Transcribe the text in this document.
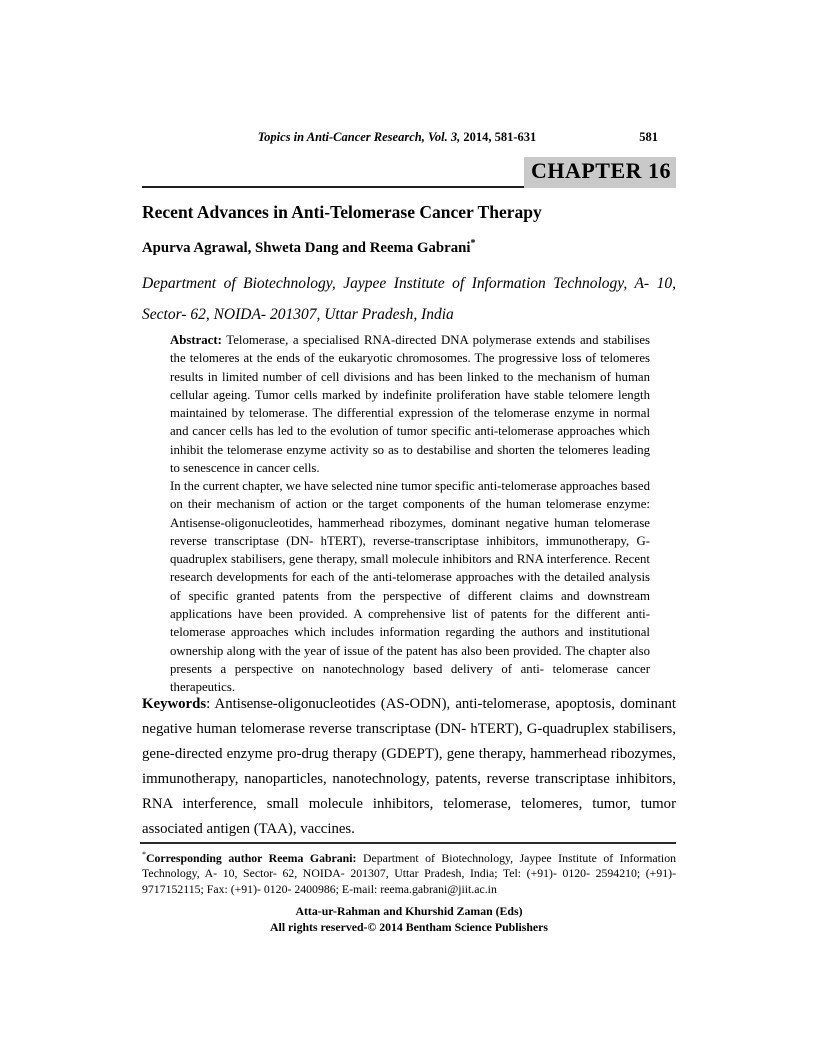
Topics in Anti-Cancer Research, Vol. 3, 2014, 581-631	581
CHAPTER 16
Recent Advances in Anti-Telomerase Cancer Therapy
Apurva Agrawal, Shweta Dang and Reema Gabrani*
Department of Biotechnology, Jaypee Institute of Information Technology, A- 10, Sector- 62, NOIDA- 201307, Uttar Pradesh, India
Abstract: Telomerase, a specialised RNA-directed DNA polymerase extends and stabilises the telomeres at the ends of the eukaryotic chromosomes. The progressive loss of telomeres results in limited number of cell divisions and has been linked to the mechanism of human cellular ageing. Tumor cells marked by indefinite proliferation have stable telomere length maintained by telomerase. The differential expression of the telomerase enzyme in normal and cancer cells has led to the evolution of tumor specific anti-telomerase approaches which inhibit the telomerase enzyme activity so as to destabilise and shorten the telomeres leading to senescence in cancer cells.
In the current chapter, we have selected nine tumor specific anti-telomerase approaches based on their mechanism of action or the target components of the human telomerase enzyme: Antisense-oligonucleotides, hammerhead ribozymes, dominant negative human telomerase reverse transcriptase (DN- hTERT), reverse-transcriptase inhibitors, immunotherapy, G-quadruplex stabilisers, gene therapy, small molecule inhibitors and RNA interference. Recent research developments for each of the anti-telomerase approaches with the detailed analysis of specific granted patents from the perspective of different claims and downstream applications have been provided. A comprehensive list of patents for the different anti-telomerase approaches which includes information regarding the authors and institutional ownership along with the year of issue of the patent has also been provided. The chapter also presents a perspective on nanotechnology based delivery of anti- telomerase cancer therapeutics.
Keywords: Antisense-oligonucleotides (AS-ODN), anti-telomerase, apoptosis, dominant negative human telomerase reverse transcriptase (DN- hTERT), G-quadruplex stabilisers, gene-directed enzyme pro-drug therapy (GDEPT), gene therapy, hammerhead ribozymes, immunotherapy, nanoparticles, nanotechnology, patents, reverse transcriptase inhibitors, RNA interference, small molecule inhibitors, telomerase, telomeres, tumor, tumor associated antigen (TAA), vaccines.
*Corresponding author Reema Gabrani: Department of Biotechnology, Jaypee Institute of Information Technology, A- 10, Sector- 62, NOIDA- 201307, Uttar Pradesh, India; Tel: (+91)- 0120- 2594210; (+91)- 9717152115; Fax: (+91)- 0120- 2400986; E-mail: reema.gabrani@jiit.ac.in
Atta-ur-Rahman and Khurshid Zaman (Eds)
All rights reserved-© 2014 Bentham Science Publishers
